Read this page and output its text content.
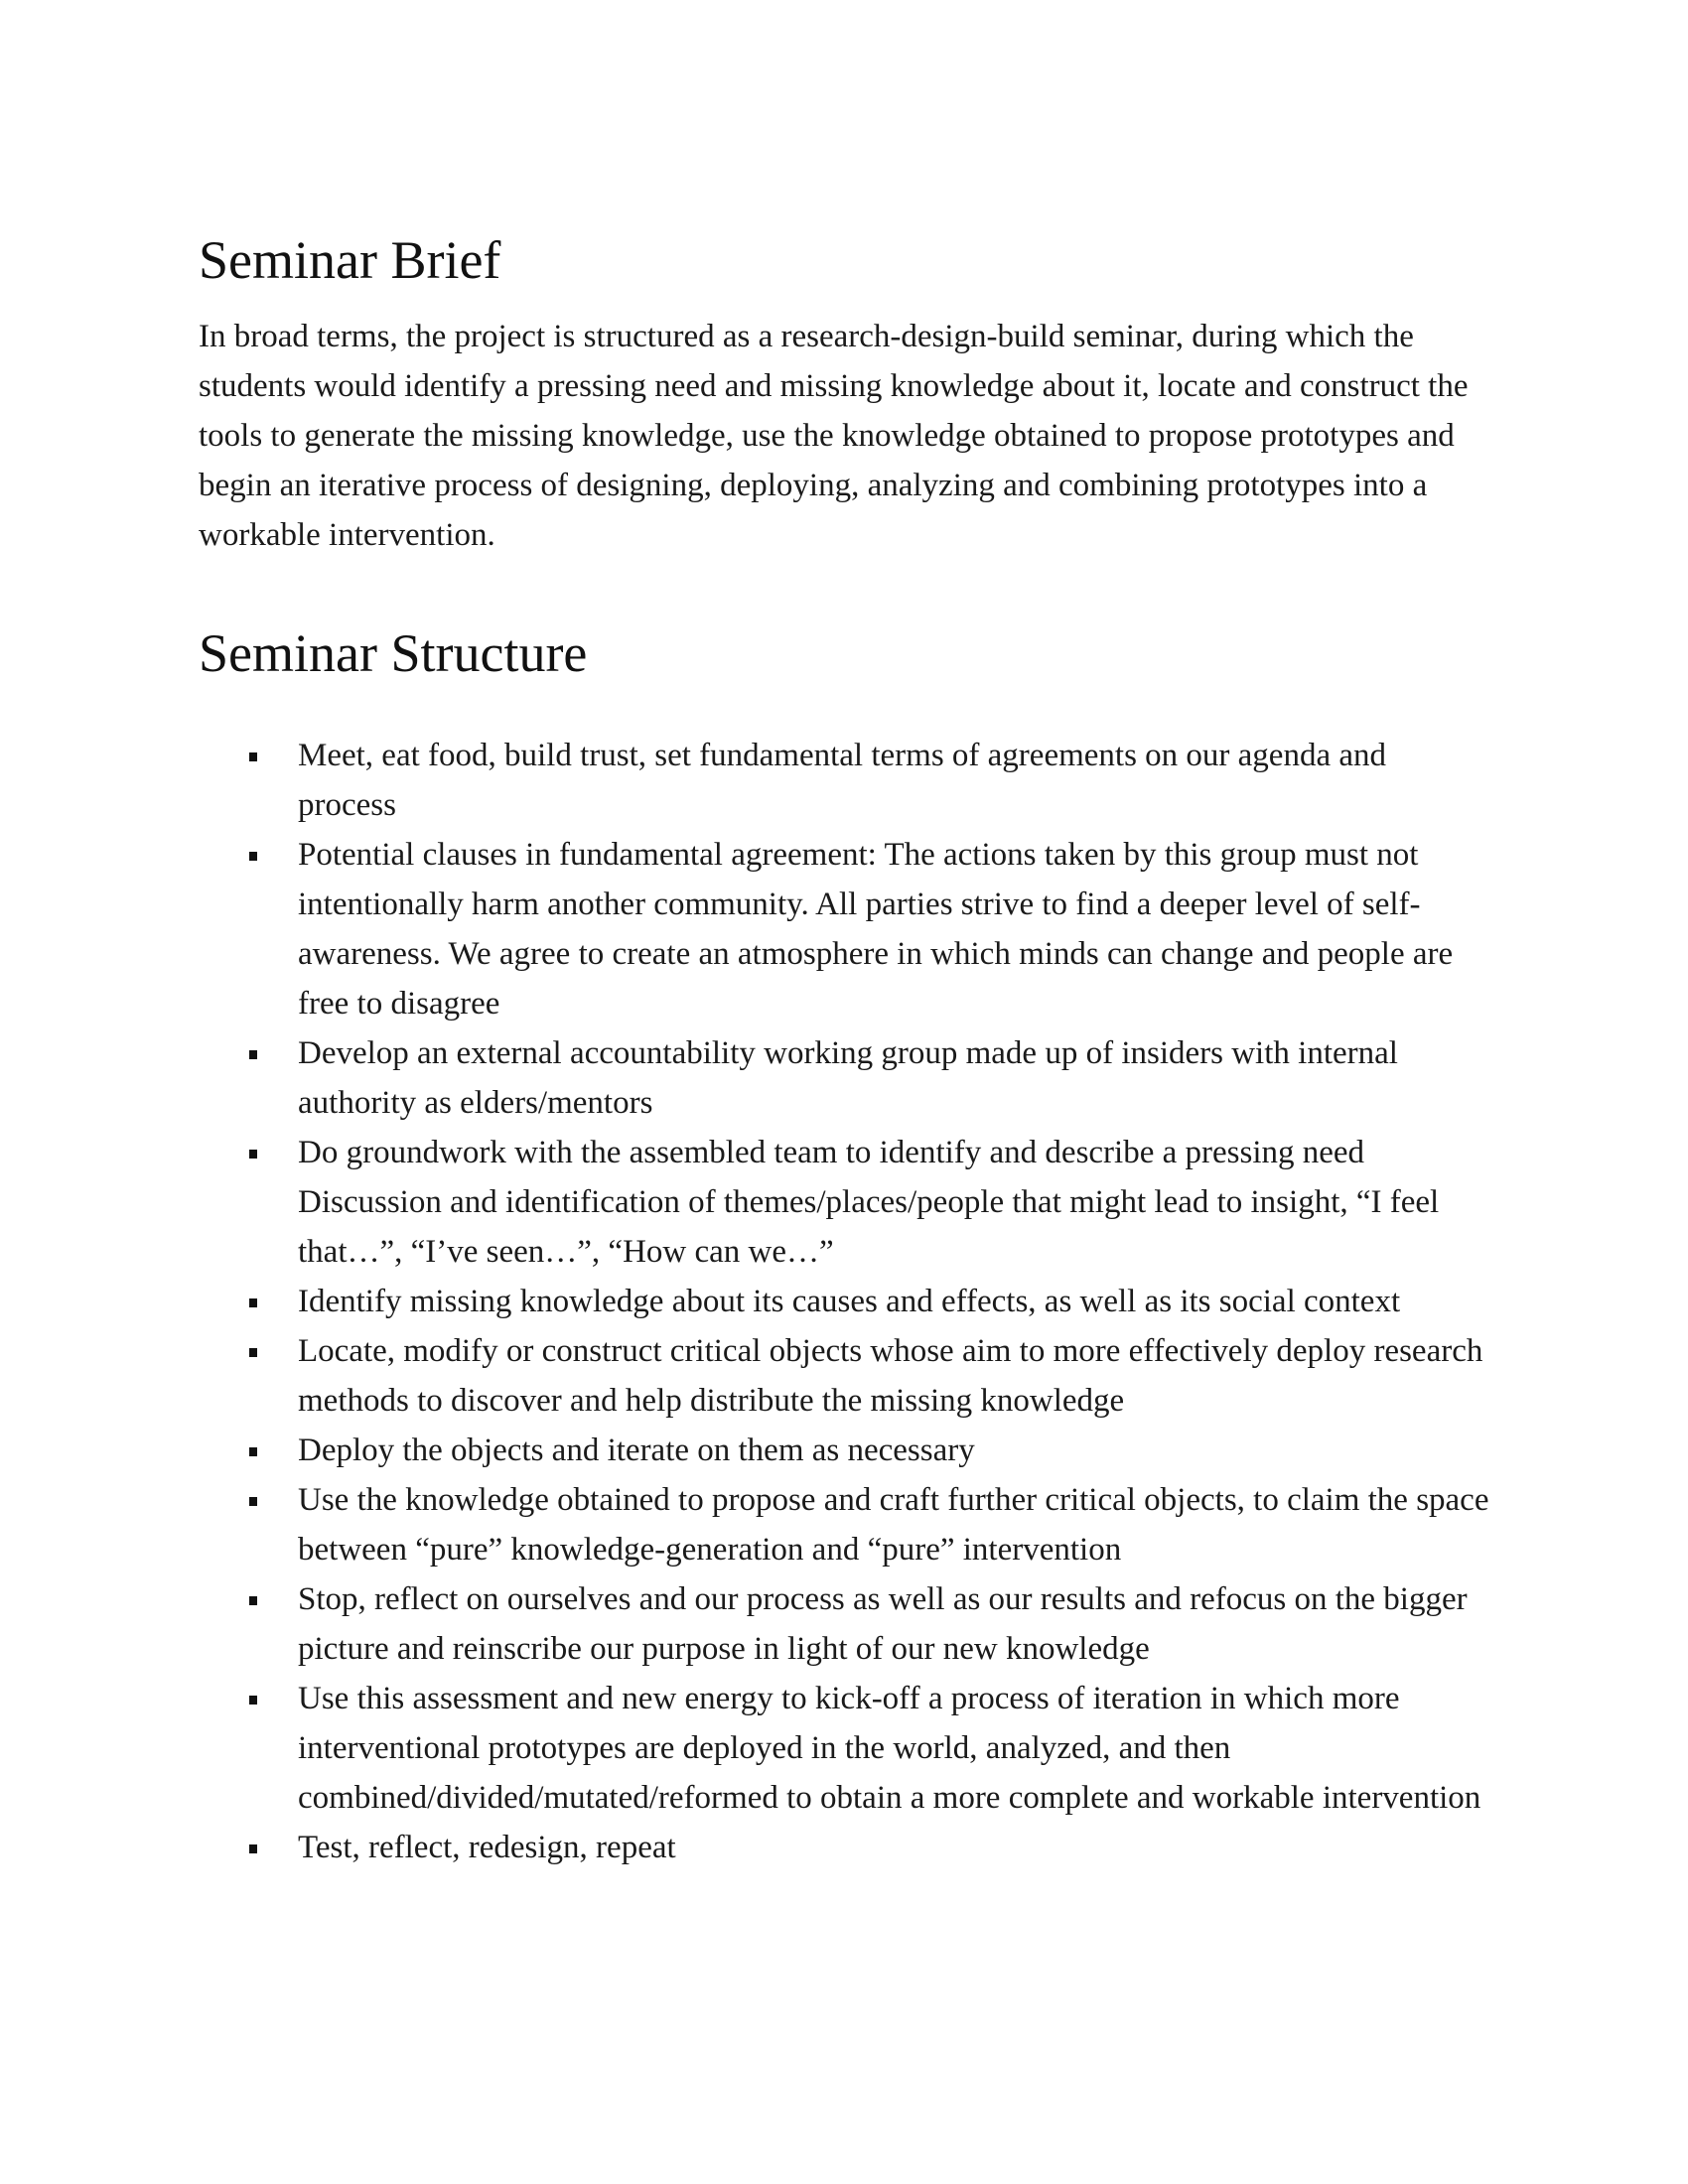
Seminar Brief

In broad terms, the project is structured as a research-design-build seminar, during which the students would identify a pressing need and missing knowledge about it, locate and construct the tools to generate the missing knowledge, use the knowledge obtained to propose prototypes and begin an iterative process of designing, deploying, analyzing and combining prototypes into a workable intervention.

Seminar Structure
Meet, eat food, build trust, set fundamental terms of agreements on our agenda and process
Potential clauses in fundamental agreement: The actions taken by this group must not intentionally harm another community. All parties strive to find a deeper level of self-awareness. We agree to create an atmosphere in which minds can change and people are free to disagree
Develop an external accountability working group made up of insiders with internal authority as elders/mentors
Do groundwork with the assembled team to identify and describe a pressing need Discussion and identification of themes/places/people that might lead to insight, “I feel that…”, “I’ve seen…”, “How can we…”
Identify missing knowledge about its causes and effects, as well as its social context
Locate, modify or construct critical objects whose aim to more effectively deploy research methods to discover and help distribute the missing knowledge
Deploy the objects and iterate on them as necessary
Use the knowledge obtained to propose and craft further critical objects, to claim the space between “pure” knowledge-generation and “pure” intervention
Stop, reflect on ourselves and our process as well as our results and refocus on the bigger picture and reinscribe our purpose in light of our new knowledge
Use this assessment and new energy to kick-off a process of iteration in which more interventional prototypes are deployed in the world, analyzed, and then combined/divided/mutated/reformed to obtain a more complete and workable intervention
Test, reflect, redesign, repeat
